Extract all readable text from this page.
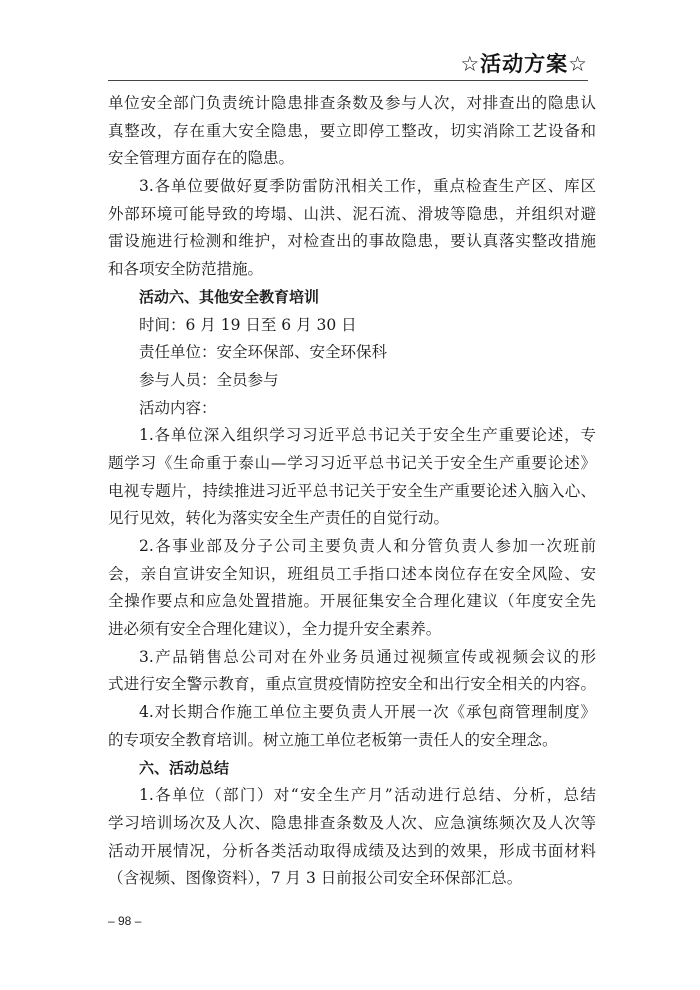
☆活动方案☆
单位安全部门负责统计隐患排查条数及参与人次，对排查出的隐患认
真整改，存在重大安全隐患，要立即停工整改，切实消除工艺设备和
安全管理方面存在的隐患。
3.各单位要做好夏季防雷防汛相关工作，重点检查生产区、库区
外部环境可能导致的垮塌、山洪、泥石流、滑坡等隐患，并组织对避
雷设施进行检测和维护，对检查出的事故隐患，要认真落实整改措施
和各项安全防范措施。
活动六、其他安全教育培训
时间：6 月 19 日至 6 月 30 日
责任单位：安全环保部、安全环保科
参与人员：全员参与
活动内容：
1.各单位深入组织学习习近平总书记关于安全生产重要论述，专
题学习《生命重于泰山—学习习近平总书记关于安全生产重要论述》
电视专题片，持续推进习近平总书记关于安全生产重要论述入脑入心、
见行见效，转化为落实安全生产责任的自觉行动。
2.各事业部及分子公司主要负责人和分管负责人参加一次班前
会，亲自宣讲安全知识，班组员工手指口述本岗位存在安全风险、安
全操作要点和应急处置措施。开展征集安全合理化建议（年度安全先
进必须有安全合理化建议），全力提升安全素养。
3.产品销售总公司对在外业务员通过视频宣传或视频会议的形
式进行安全警示教育，重点宣贯疫情防控安全和出行安全相关的内容。
4.对长期合作施工单位主要负责人开展一次《承包商管理制度》
的专项安全教育培训。树立施工单位老板第一责任人的安全理念。
六、活动总结
1.各单位（部门）对“安全生产月”活动进行总结、分析，总结
学习培训场次及人次、隐患排查条数及人次、应急演练频次及人次等
活动开展情况，分析各类活动取得成绩及达到的效果，形成书面材料
（含视频、图像资料），7 月 3 日前报公司安全环保部汇总。
– 98 –
